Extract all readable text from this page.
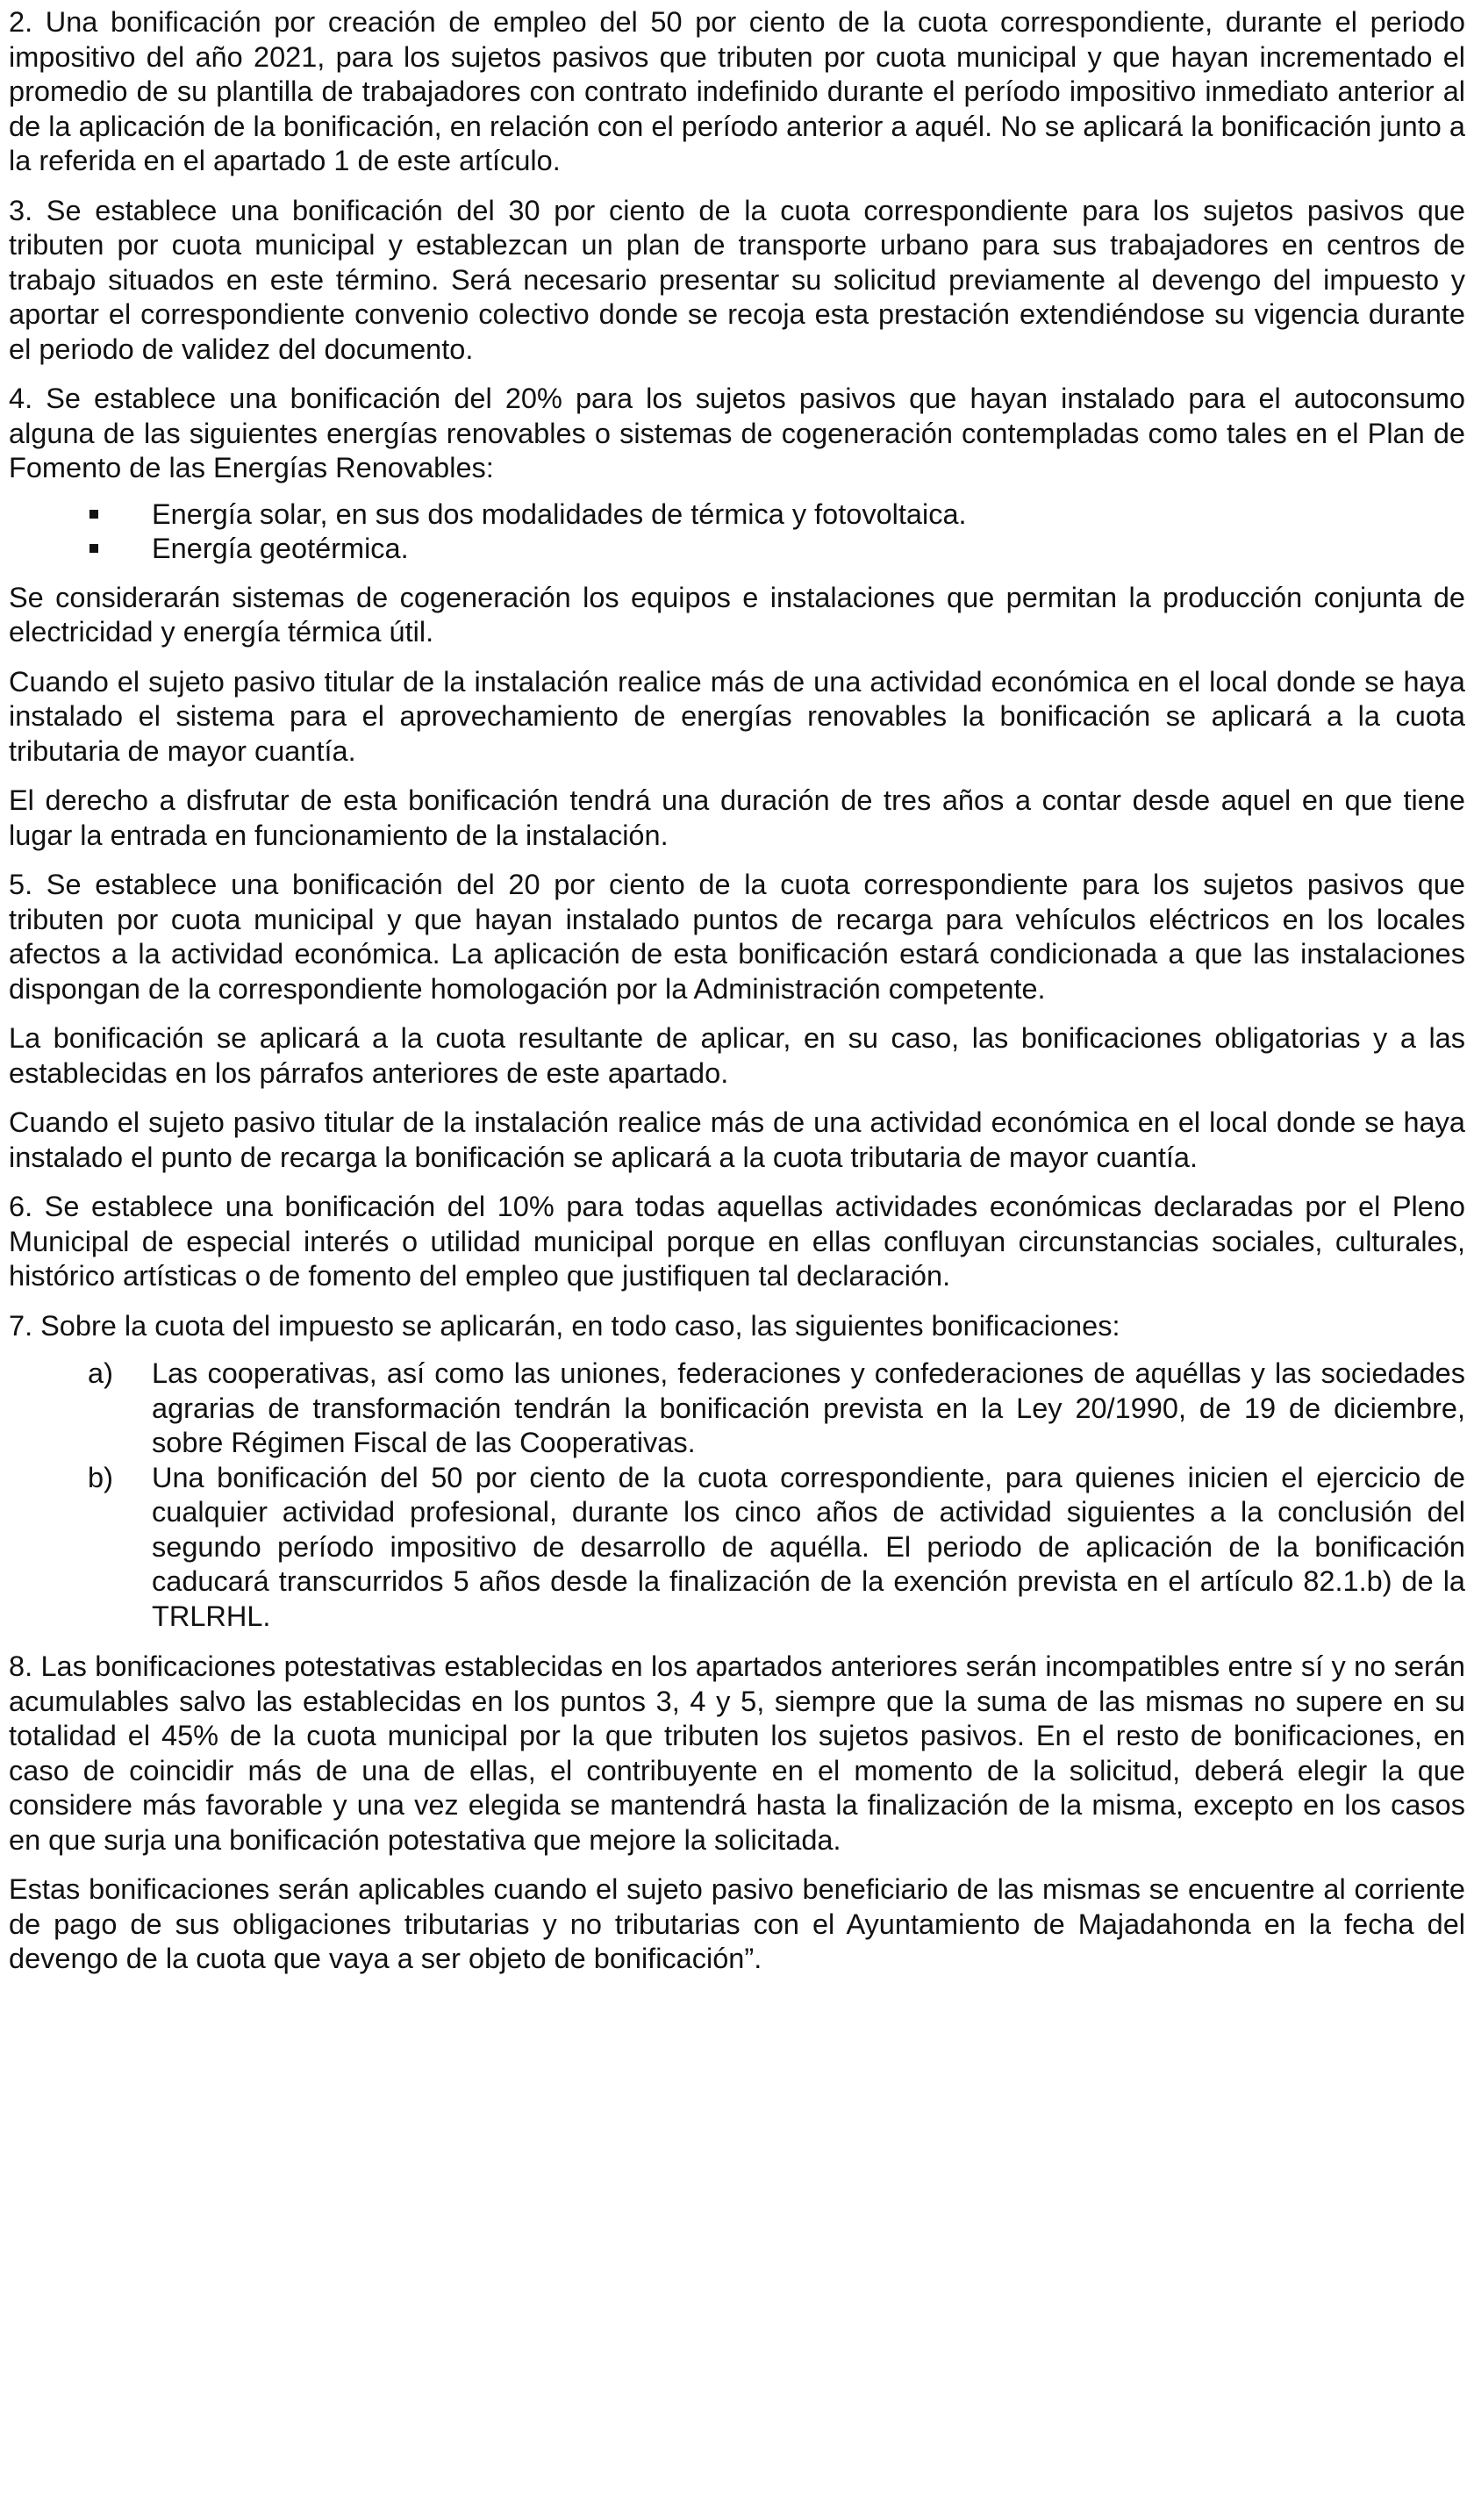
2. Una bonificación por creación de empleo del 50 por ciento de la cuota correspondiente, durante el periodo impositivo del año 2021, para los sujetos pasivos que tributen por cuota municipal y que hayan incrementado el promedio de su plantilla de trabajadores con contrato indefinido durante el período impositivo inmediato anterior al de la aplicación de la bonificación, en relación con el período anterior a aquél. No se aplicará la bonificación junto a la referida en el apartado 1 de este artículo.

3. Se establece una bonificación del 30 por ciento de la cuota correspondiente para los sujetos pasivos que tributen por cuota municipal y establezcan un plan de transporte urbano para sus trabajadores en centros de trabajo situados en este término. Será necesario presentar su solicitud previamente al devengo del impuesto y aportar el correspondiente convenio colectivo donde se recoja esta prestación extendiéndose su vigencia durante el periodo de validez del documento.

4. Se establece una bonificación del 20% para los sujetos pasivos que hayan instalado para el autoconsumo alguna de las siguientes energías renovables o sistemas de cogeneración contempladas como tales en el Plan de Fomento de las Energías Renovables:

Energía solar, en sus dos modalidades de térmica y fotovoltaica.
Energía geotérmica.

Se considerarán sistemas de cogeneración los equipos e instalaciones que permitan la producción conjunta de electricidad y energía térmica útil.

Cuando el sujeto pasivo titular de la instalación realice más de una actividad económica en el local donde se haya instalado el sistema para el aprovechamiento de energías renovables la bonificación se aplicará a la cuota tributaria de mayor cuantía.

El derecho a disfrutar de esta bonificación tendrá una duración de tres años a contar desde aquel en que tiene lugar la entrada en funcionamiento de la instalación.

5. Se establece una bonificación del 20 por ciento de la cuota correspondiente para los sujetos pasivos que tributen por cuota municipal y que hayan instalado puntos de recarga para vehículos eléctricos en los locales afectos a la actividad económica. La aplicación de esta bonificación estará condicionada a que las instalaciones dispongan de la correspondiente homologación por la Administración competente.

La bonificación se aplicará a la cuota resultante de aplicar, en su caso, las bonificaciones obligatorias y a las establecidas en los párrafos anteriores de este apartado.

Cuando el sujeto pasivo titular de la instalación realice más de una actividad económica en el local donde se haya instalado el punto de recarga la bonificación se aplicará a la cuota tributaria de mayor cuantía.

6. Se establece una bonificación del 10% para todas aquellas actividades económicas declaradas por el Pleno Municipal de especial interés o utilidad municipal porque en ellas confluyan circunstancias sociales, culturales, histórico artísticas o de fomento del empleo que justifiquen tal declaración.

7. Sobre la cuota del impuesto se aplicarán, en todo caso, las siguientes bonificaciones:

a) Las cooperativas, así como las uniones, federaciones y confederaciones de aquéllas y las sociedades agrarias de transformación tendrán la bonificación prevista en la Ley 20/1990, de 19 de diciembre, sobre Régimen Fiscal de las Cooperativas.
b) Una bonificación del 50 por ciento de la cuota correspondiente, para quienes inicien el ejercicio de cualquier actividad profesional, durante los cinco años de actividad siguientes a la conclusión del segundo período impositivo de desarrollo de aquélla. El periodo de aplicación de la bonificación caducará transcurridos 5 años desde la finalización de la exención prevista en el artículo 82.1.b) de la TRLRHL.

8. Las bonificaciones potestativas establecidas en los apartados anteriores serán incompatibles entre sí y no serán acumulables salvo las establecidas en los puntos 3, 4 y 5, siempre que la suma de las mismas no supere en su totalidad el 45% de la cuota municipal por la que tributen los sujetos pasivos. En el resto de bonificaciones, en caso de coincidir más de una de ellas, el contribuyente en el momento de la solicitud, deberá elegir la que considere más favorable y una vez elegida se mantendrá hasta la finalización de la misma, excepto en los casos en que surja una bonificación potestativa que mejore la solicitada.

Estas bonificaciones serán aplicables cuando el sujeto pasivo beneficiario de las mismas se encuentre al corriente de pago de sus obligaciones tributarias y no tributarias con el Ayuntamiento de Majadahonda en la fecha del devengo de la cuota que vaya a ser objeto de bonificación”.
